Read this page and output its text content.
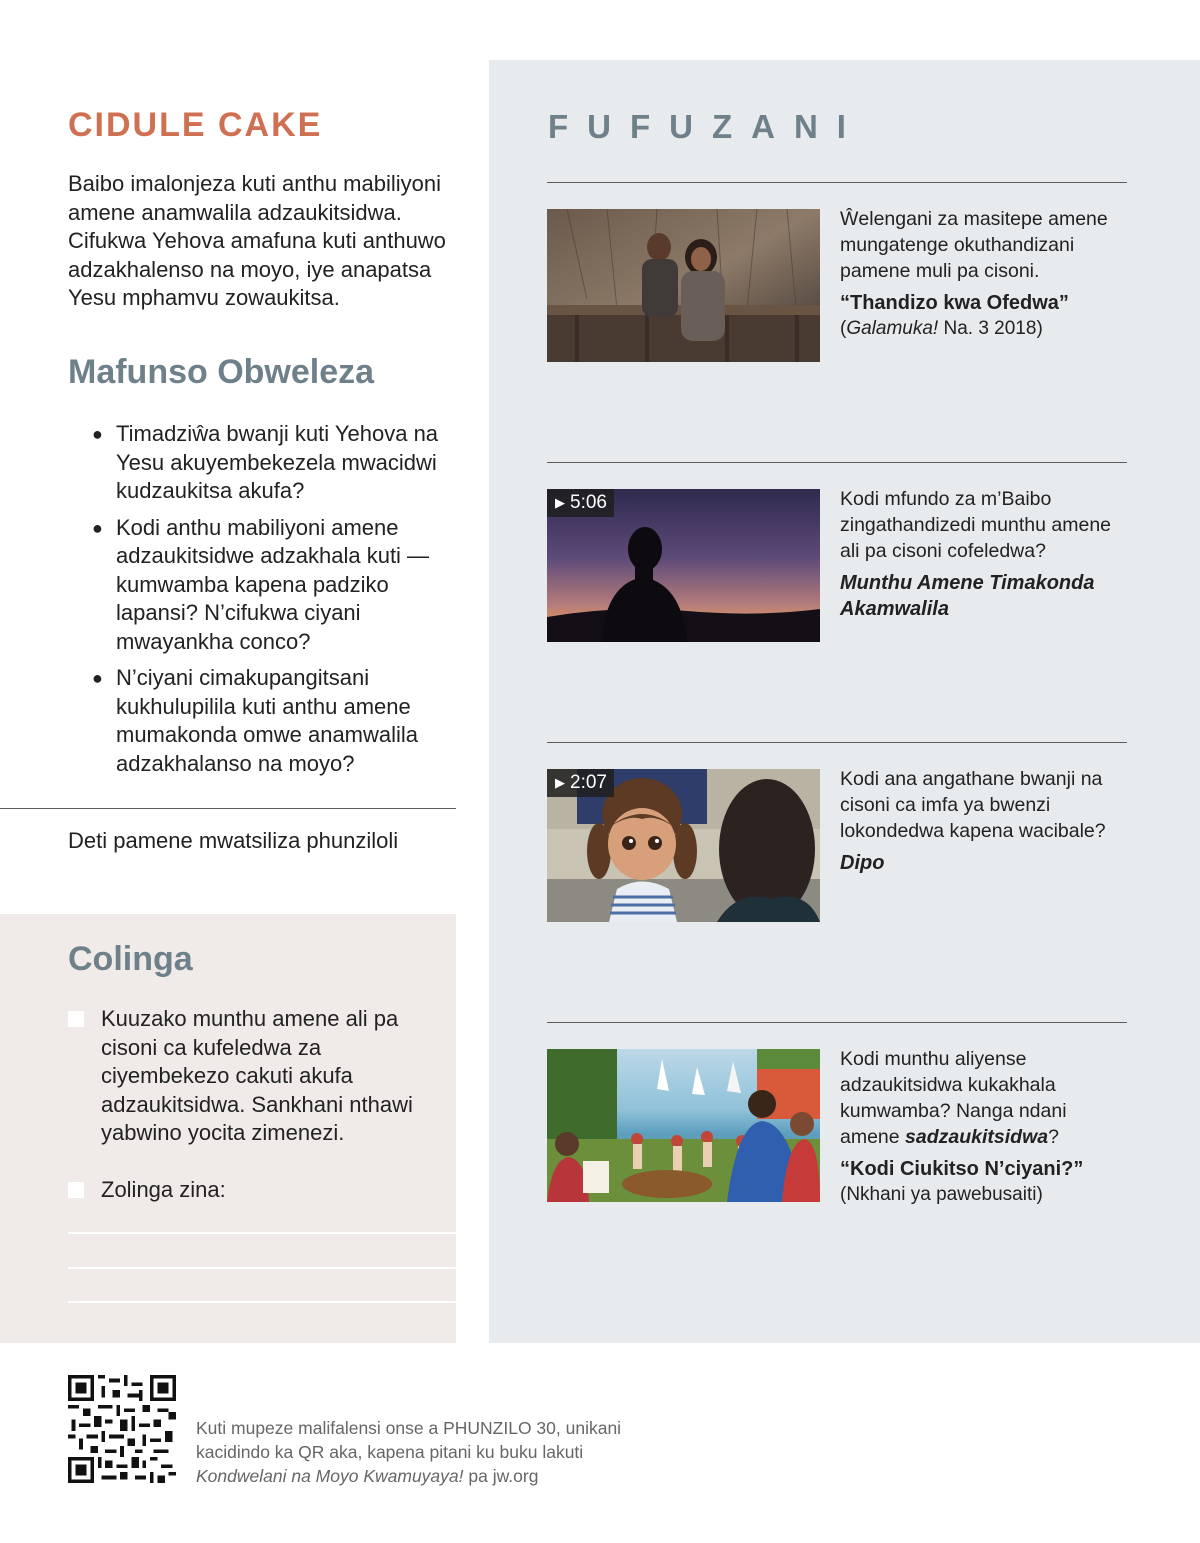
CIDULE CAKE

Baibo imalonjeza kuti anthu mabiliyoni amene anamwalila adzaukitsidwa. Cifukwa Yehova amafuna kuti anthuwo adzakhalenso na moyo, iye anapatsa Yesu mphamvu zowaukitsa.

Mafunso Obweleza
● Timadziŵa bwanji kuti Yehova na Yesu akuyembekezela mwacidwi kudzaukitsa akufa?
● Kodi anthu mabiliyoni amene adzaukitsidwe adzakhala kuti —kumwamba kapena padziko lapansi? N’cifukwa ciyani mwayankha conco?
● N’ciyani cimakupangitsani kukhulupilila kuti anthu amene mumakonda omwe anamwalila adzakhalanso na moyo?
Deti pamene mwatsiliza phunziloli
Colinga
Kuuzako munthu amene ali pa cisoni ca kufeledwa za ciyembekezo cakuti akufa adzaukitsidwa. Sankhani nthawi yabwino yocita zimenezi.
Zolinga zina:
FUFUZANI
Ŵelengani za masitepe amene mungatenge okuthandizani pamene muli pa cisoni.
“Thandizo kwa Ofedwa”
(Galamuka! Na. 3 2018)
▶ 5:06	Kodi mfundo za m’Baibo zingathandizedi munthu amene ali pa cisoni cofeledwa?
Munthu Amene Timakonda Akamwalila
▶ 2:07	Kodi ana angathane bwanji na cisoni ca imfa ya bwenzi lokondedwa kapena wacibale?
Dipo
Kodi munthu aliyense adzaukitsidwa kukakhala kumwamba? Nanga ndani amene sadzaukitsidwa?
“Kodi Ciukitso N’ciyani?”
(Nkhani ya pawebusaiti)
Kuti mupeze malifalensi onse a PHUNZILO 30, unikani kacidindo ka QR aka, kapena pitani ku buku lakuti Kondwelani na Moyo Kwamuyaya! pa jw.org
